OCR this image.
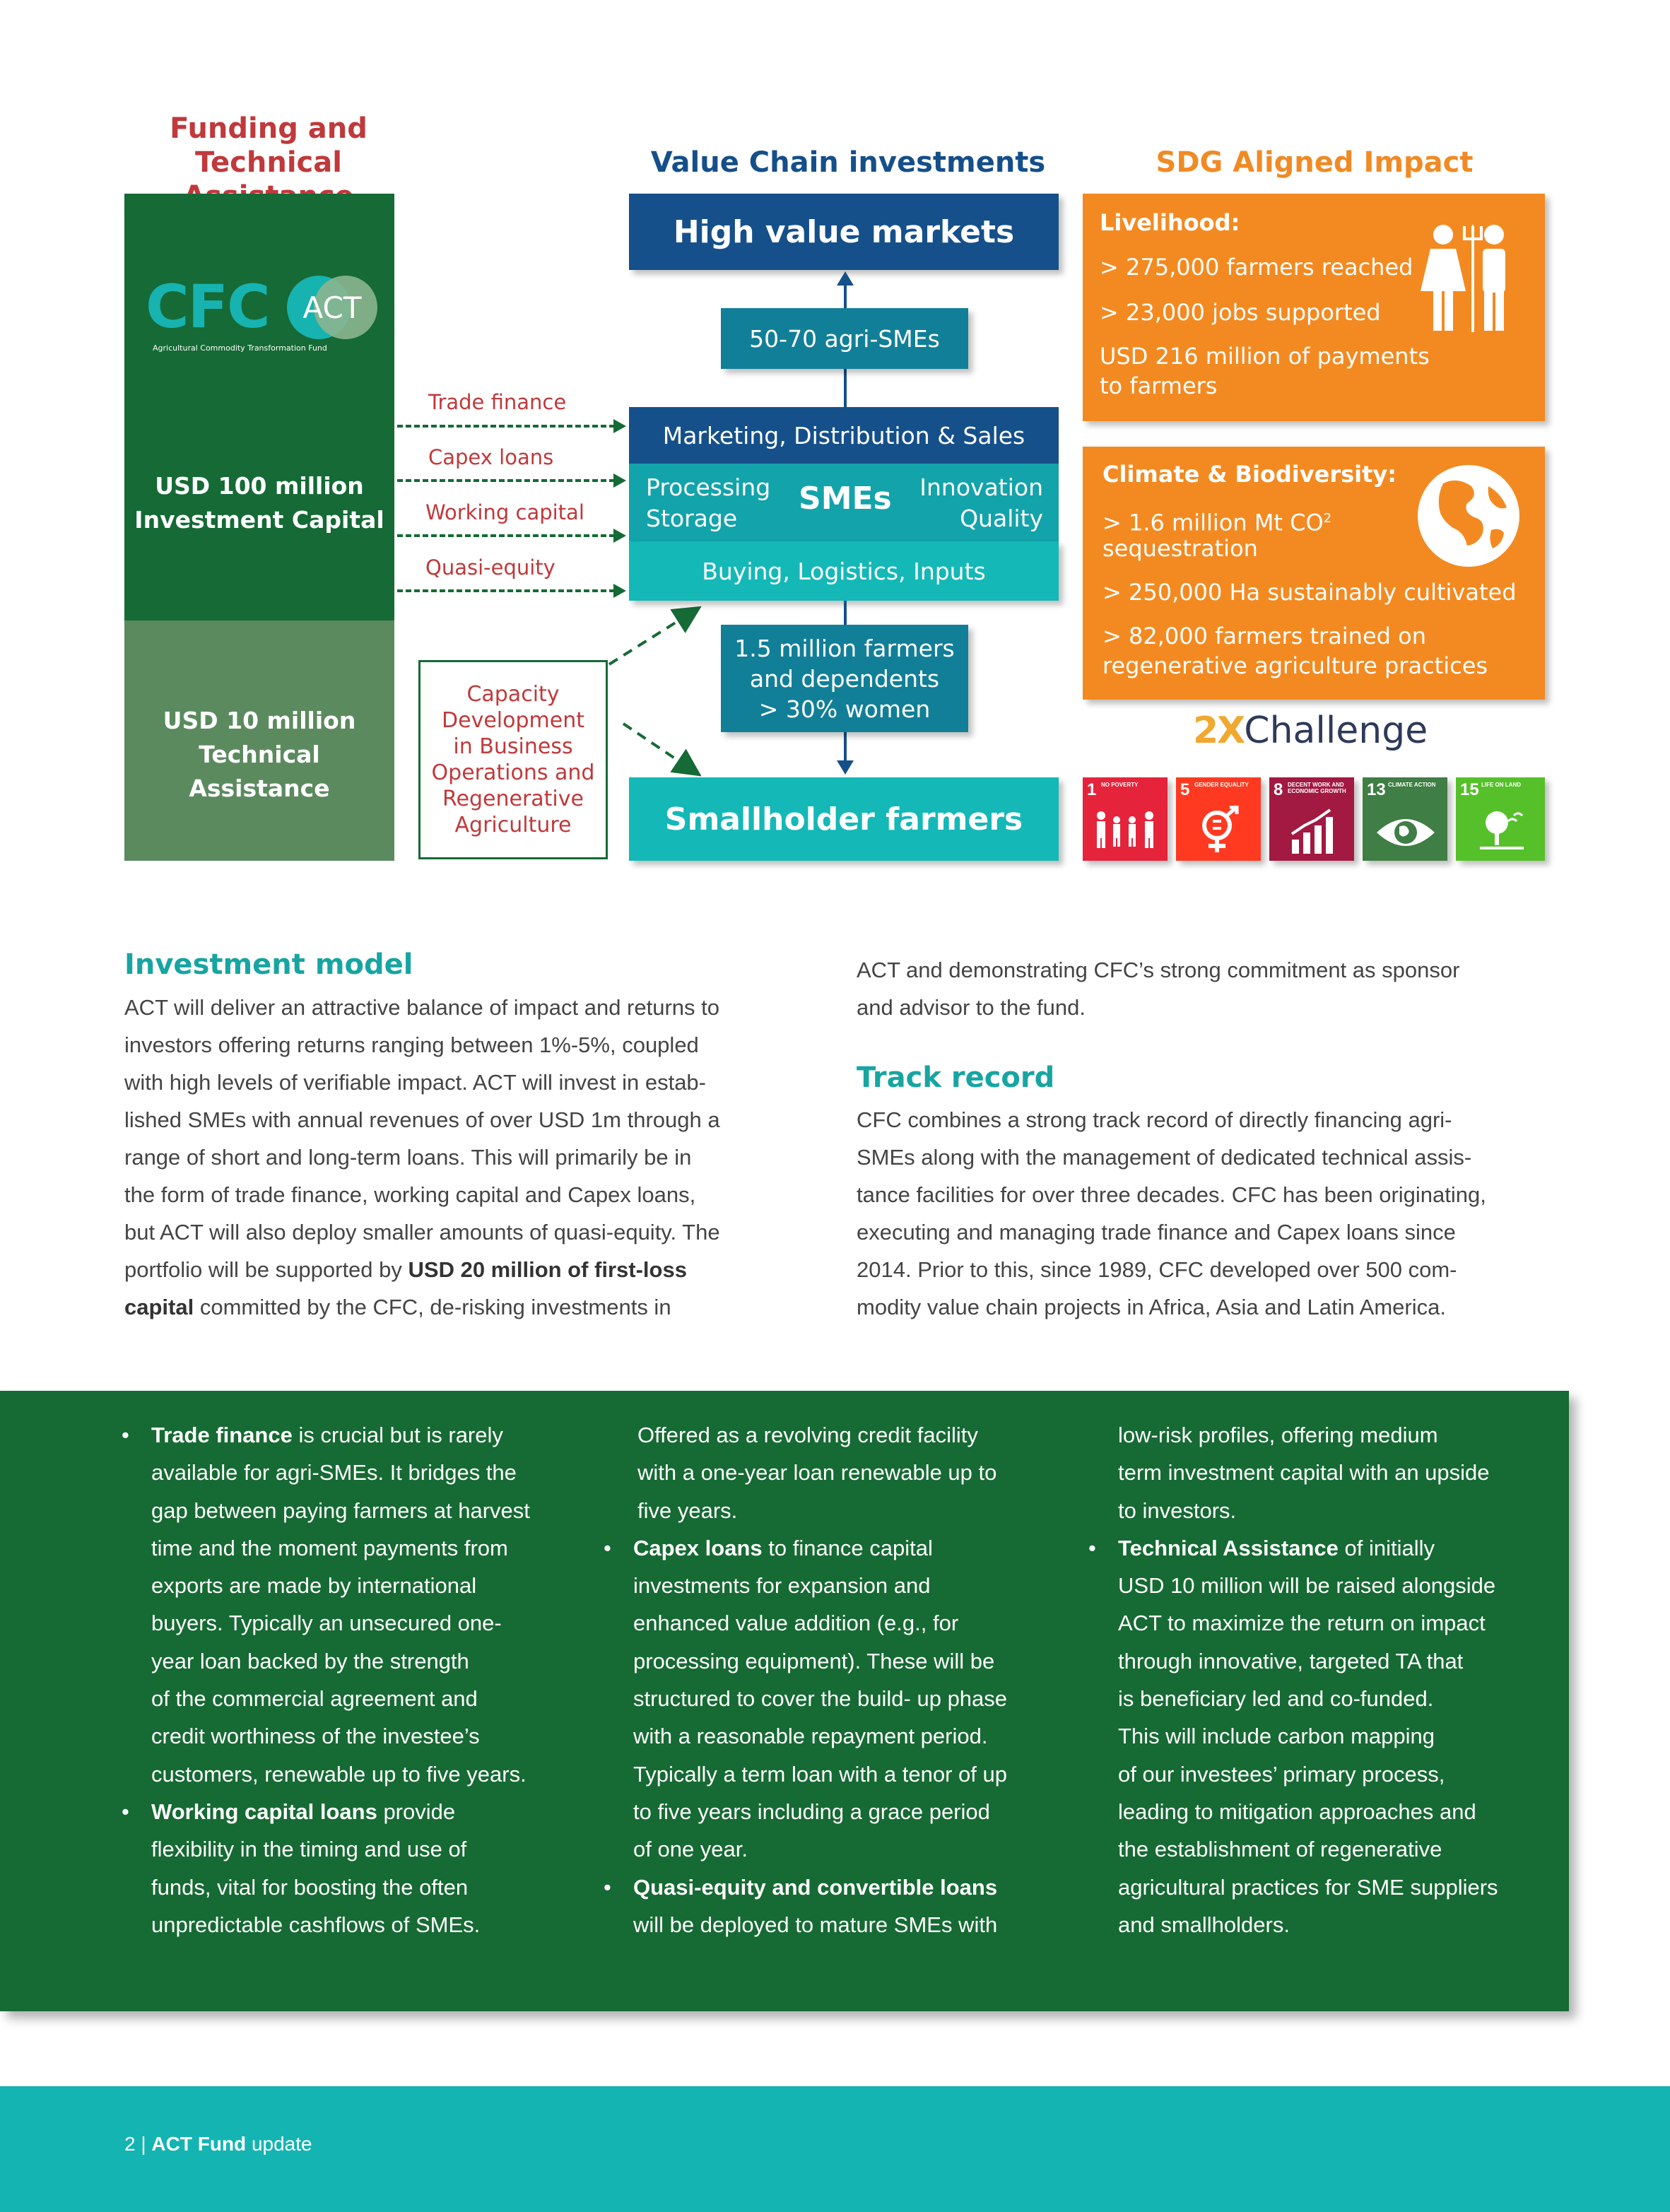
Funding and
Technical	Value Chain investments	SDG Aligned Impact
CFC	ACT
Agricultural Commodity Transformation Fund
USD 100 million
Investment Capital
USD 10 million
Technical Assistance
Trade finance
Capex loans
Working capital
Quasi-equity
Capacity
Development
in Business
Operations and
Regenerative
Agriculture
High value markets
50-70 agri-SMEs
Marketing, Distribution & Sales
Processing
Storage
SMEs Innovation
Quality
Buying, Logistics, Inputs
1.5 million farmers
and dependents
> 30% women
Smallholder farmers
Livelihood:
> 275,000 farmers reached
> 23,000 jobs supported
USD 216 million of payments
to farmers
Climate & Biodiversity:
> 1.6 million Mt $CO^2$
sequestration
> 250,000 Ha sustainably cultivated
> 82,000 farmers trained on
regenerative agriculture practices
2XChallenge
1 NO POVERTY	5 GENDER EQUALITY	8 DECENT WORK AND ECONOMIC GROWTH	13 CLIMATE ACTION	15 LIFE ON LAND
Investment model
ACT will deliver an attractive balance of impact and returns to
investors offering returns ranging between 1%-5%, coupled
with high levels of verifiable impact. ACT will invest in estab-
lished SMEs with annual revenues of over USD 1m through a
range of short and long-term loans. This will primarily be in
the form of trade finance, working capital and Capex loans,
but ACT will also deploy smaller amounts of quasi-equity. The
portfolio will be supported by USD 20 million of first-loss
capital committed by the CFC, de-risking investments in
ACT and demonstrating CFC’s strong commitment as sponsor
and advisor to the fund.
Track record
CFC combines a strong track record of directly financing agri-
SMEs along with the management of dedicated technical assis-
tance facilities for over three decades. CFC has been originating,
executing and managing trade finance and Capex loans since
2014. Prior to this, since 1989, CFC developed over 500 com-
modity value chain projects in Africa, Asia and Latin America.
• Trade finance is crucial but is rarely
available for agri-SMEs. It bridges the
gap between paying farmers at harvest
time and the moment payments from
exports are made by international
buyers. Typically an unsecured one-
year loan backed by the strength
of the commercial agreement and
credit worthiness of the investee’s
customers, renewable up to five years.
• Working capital loans provide
flexibility in the timing and use of
funds, vital for boosting the often
unpredictable cashflows of SMEs.
Offered as a revolving credit facility
with a one-year loan renewable up to
five years.
• Capex loans to finance capital
investments for expansion and
enhanced value addition (e.g., for
processing equipment). These will be
structured to cover the build- up phase
with a reasonable repayment period.
Typically a term loan with a tenor of up
to five years including a grace period
of one year.
• Quasi-equity and convertible loans
will be deployed to mature SMEs with
low-risk profiles, offering medium
term investment capital with an upside
to investors.
• Technical Assistance of initially
USD 10 million will be raised alongside
ACT to maximize the return on impact
through innovative, targeted TA that
is beneficiary led and co-funded.
This will include carbon mapping
of our investees’ primary process,
leading to mitigation approaches and
the establishment of regenerative
agricultural practices for SME suppliers
and smallholders.
2 | ACT Fund update
